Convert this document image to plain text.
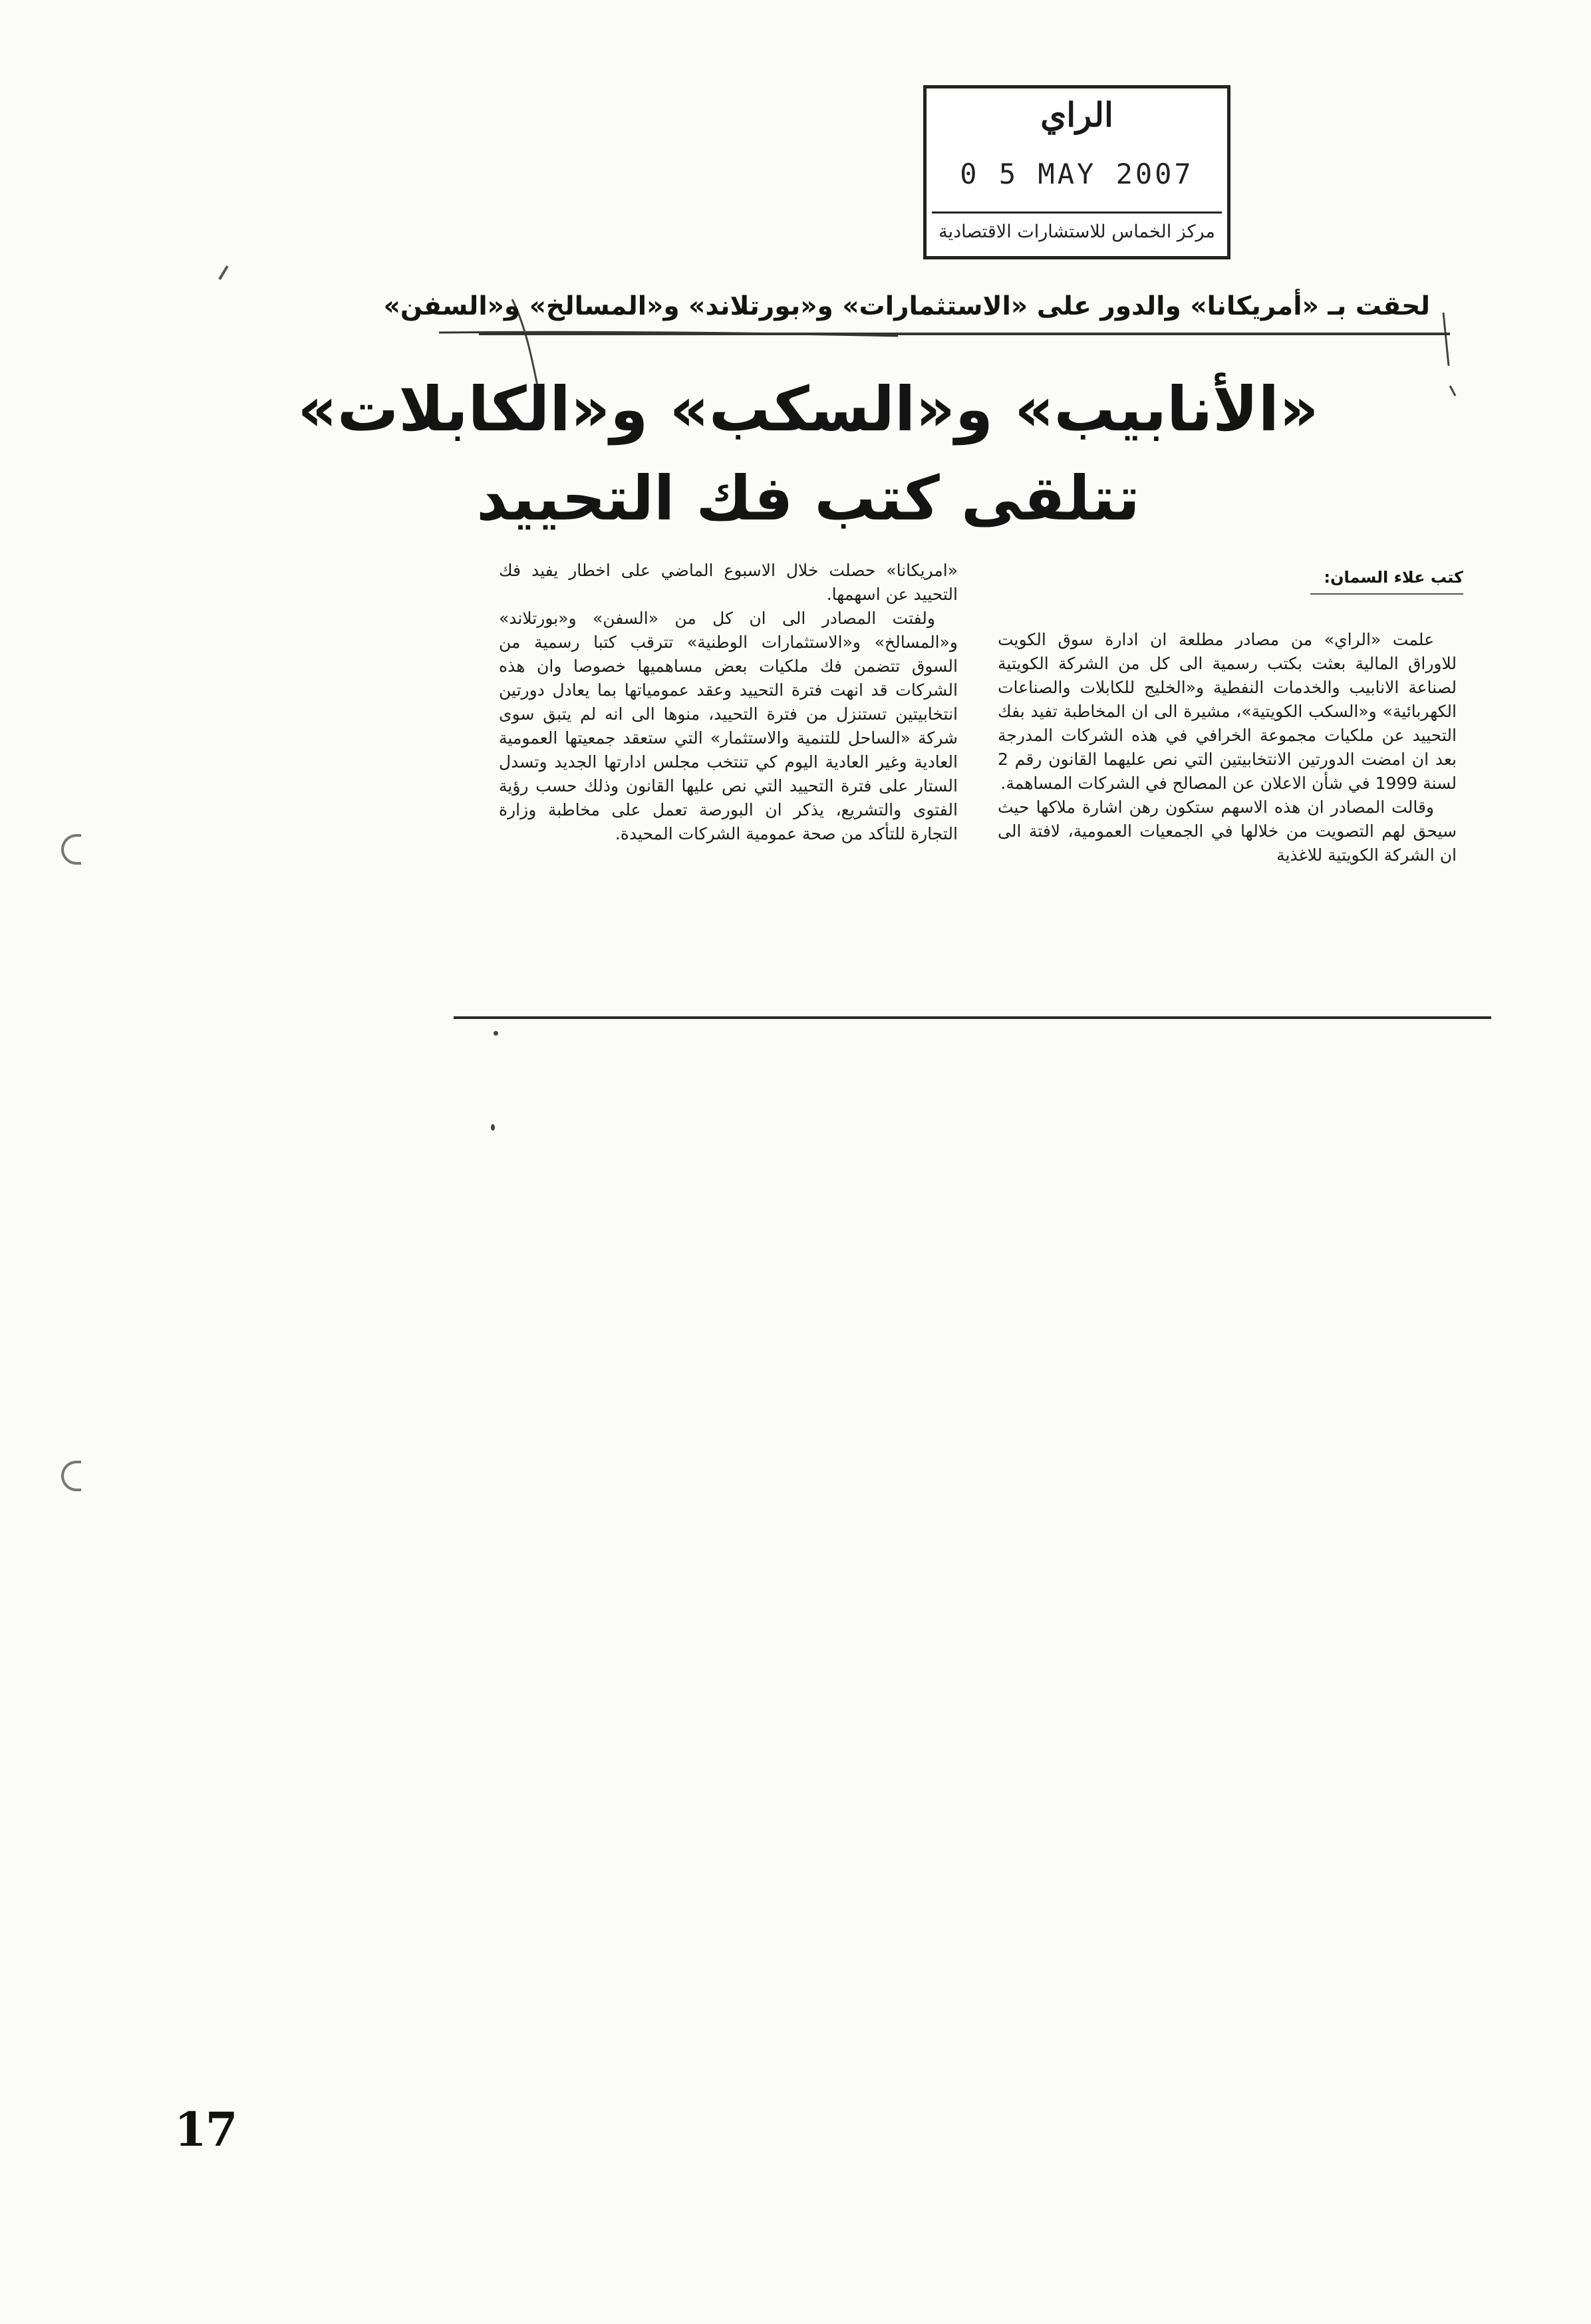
الراي
0 5 MAY 2007
مركز الخماس للاستشارات الاقتصادية
لحقت بـ «أمريكانا» والدور على «الاستثمارات» و«بورتلاند» و«المسالخ» و«السفن»
«الأنابيب» و«السكب» و«الكابلات»
تتلقى كتب فك التحييد
كتب علاء السمان:

علمت «الراي» من مصادر مطلعة ان ادارة سوق الكويت للاوراق المالية بعثت بكتب رسمية الى كل من الشركة الكويتية لصناعة الانابيب والخدمات النفطية و«الخليج للكابلات والصناعات الكهربائية» و«السكب الكويتية»، مشيرة الى ان المخاطبة تفيد بفك التحييد عن ملكيات مجموعة الخرافي في هذه الشركات المدرجة بعد ان امضت الدورتين الانتخابيتين التي نص عليهما القانون رقم 2 لسنة 1999 في شأن الاعلان عن المصالح في الشركات المساهمة.

وقالت المصادر ان هذه الاسهم ستكون رهن اشارة ملاكها حيث سيحق لهم التصويت من خلالها في الجمعيات العمومية، لافتة الى ان الشركة الكويتية للاغذية

«امريكانا» حصلت خلال الاسبوع الماضي على اخطار يفيد فك التحييد عن اسهمها.

ولفتت المصادر الى ان كل من «السفن» و«بورتلاند» و«المسالخ» و«الاستثمارات الوطنية» تترقب كتبا رسمية من السوق تتضمن فك ملكيات بعض مساهميها خصوصا وان هذه الشركات قد انهت فترة التحييد وعقد عمومياتها بما يعادل دورتين انتخابيتين تستنزل من فترة التحييد، منوها الى انه لم يتبق سوى شركة «الساحل للتنمية والاستثمار» التي ستعقد جمعيتها العمومية العادية وغير العادية اليوم كي تنتخب مجلس ادارتها الجديد وتسدل الستار على فترة التحييد التي نص عليها القانون وذلك حسب رؤية الفتوى والتشريع، يذكر ان البورصة تعمل على مخاطبة وزارة التجارة للتأكد من صحة عمومية الشركات المحيدة.

17
